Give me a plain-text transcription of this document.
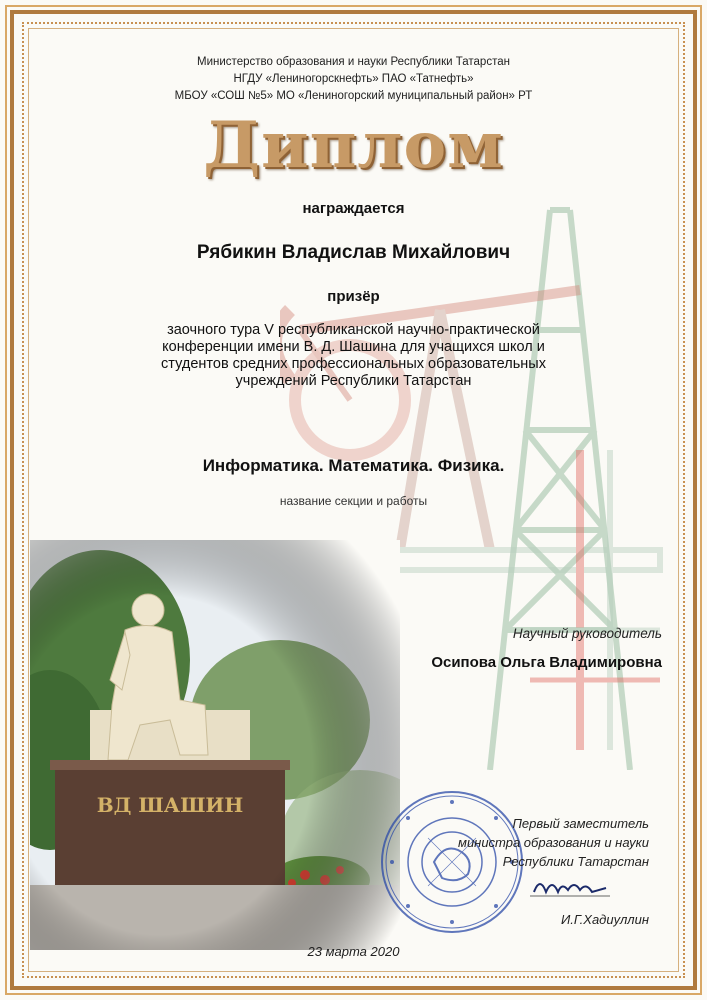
Министерство образования и науки Республики Татарстан
НГДУ «Лениногорскнефть» ПАО «Татнефть»
МБОУ «СОШ №5» МО «Лениногорский муниципальный район» РТ
Диплом
награждается
Рябикин Владислав Михайлович
призёр
заочного тура V республиканской научно-практической конференции имени В. Д. Шашина для учащихся школ и студентов средних профессиональных образовательных учреждений Республики Татарстан
Информатика. Математика. Физика.
название секции и работы
Научный руководитель
Осипова Ольга Владимировна
Первый заместитель
министра образования и науки
Республики Татарстан
И.Г.Хадиуллин
23 марта 2020
